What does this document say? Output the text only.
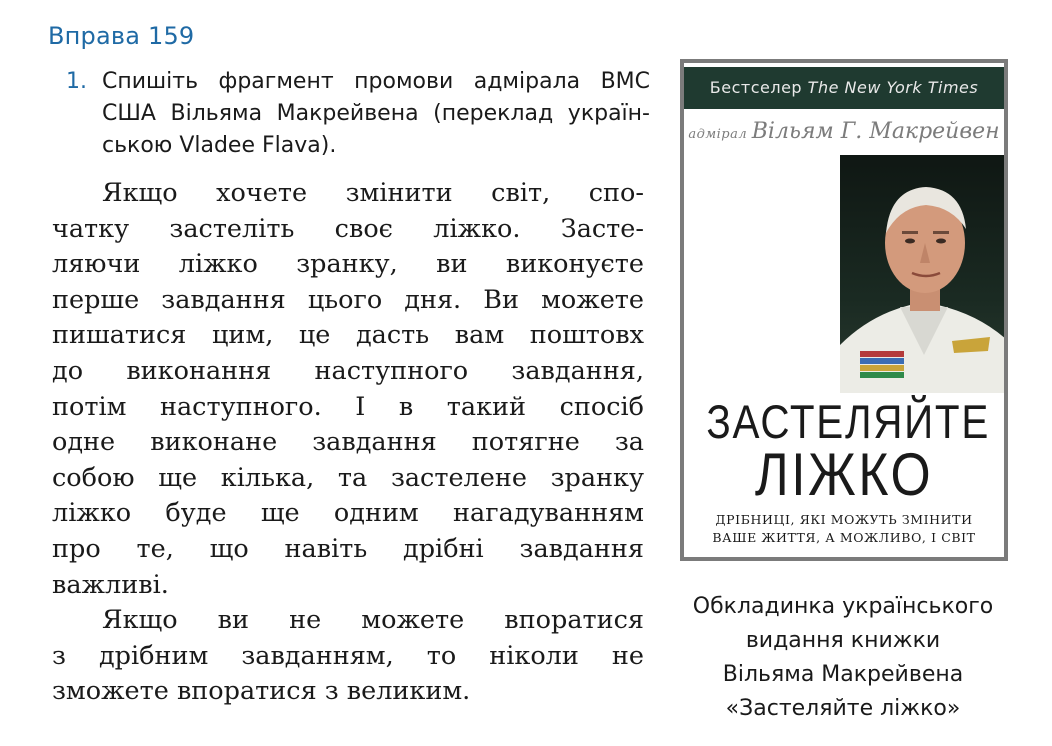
Вправа 159
1. Спишіть фрагмент промови адмірала ВМС
США Вільяма Макрейвена (переклад україн-
ською Vladee Flava).
Якщо хочете змінити світ, спо-
чатку застеліть своє ліжко. Засте-
ляючи ліжко зранку, ви виконуєте
перше завдання цього дня. Ви можете
пишатися цим, це дасть вам поштовх
до виконання наступного завдання,
потім наступного. І в такий спосіб
одне виконане завдання потягне за
собою ще кілька, та застелене зранку
ліжко буде ще одним нагадуванням
про те, що навіть дрібні завдання
важливі.
Якщо ви не можете впоратися
з дрібним завданням, то ніколи не
зможете впоратися з великим.
Бестселер The New York Times
адмірал Вільям Г. Макрейвен
ЗАСТЕЛЯЙТЕ
ЛІЖКО
ДРІБНИЦІ, ЯКІ МОЖУТЬ ЗМІНИТИ
ВАШЕ ЖИТТЯ, А МОЖЛИВО, І СВІТ
Обкладинка українського
видання книжки
Вільяма Макрейвена
«Застеляйте ліжко»
